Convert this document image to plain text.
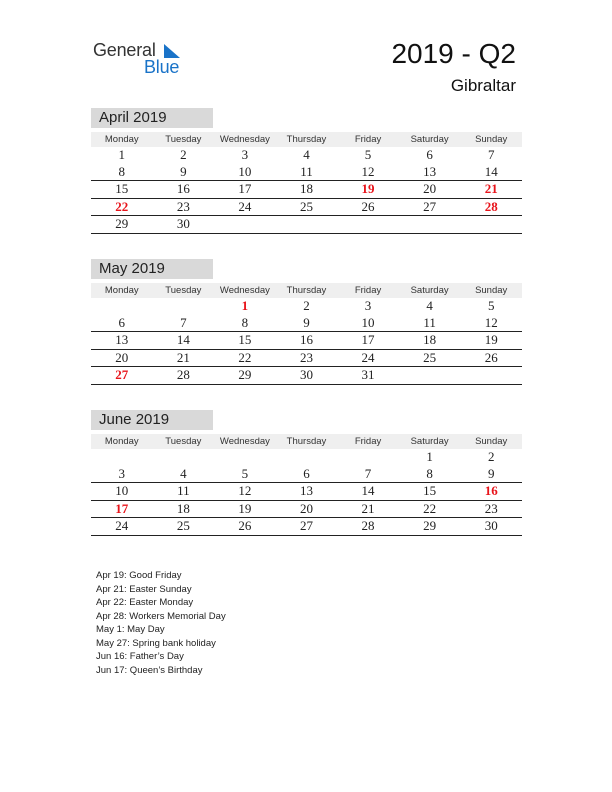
General
Blue	2019 - Q2
Gibraltar
April 2019
Monday	Tuesday	Wednesday	Thursday	Friday	Saturday	Sunday
1	2	3	4	5	6	7
8	9	10	11	12	13	14
15	16	17	18	19	20	21
22	23	24	25	26	27	28
29	30					
May 2019
Monday	Tuesday	Wednesday	Thursday	Friday	Saturday	Sunday
		1	2	3	4	5
6	7	8	9	10	11	12
13	14	15	16	17	18	19
20	21	22	23	24	25	26
27	28	29	30	31		
June 2019
Monday	Tuesday	Wednesday	Thursday	Friday	Saturday	Sunday
					1	2
3	4	5	6	7	8	9
10	11	12	13	14	15	16
17	18	19	20	21	22	23
24	25	26	27	28	29	30
Apr 19: Good Friday
Apr 21: Easter Sunday
Apr 22: Easter Monday
Apr 28: Workers Memorial Day
May 1: May Day
May 27: Spring bank holiday
Jun 16: Father’s Day
Jun 17: Queen’s Birthday
